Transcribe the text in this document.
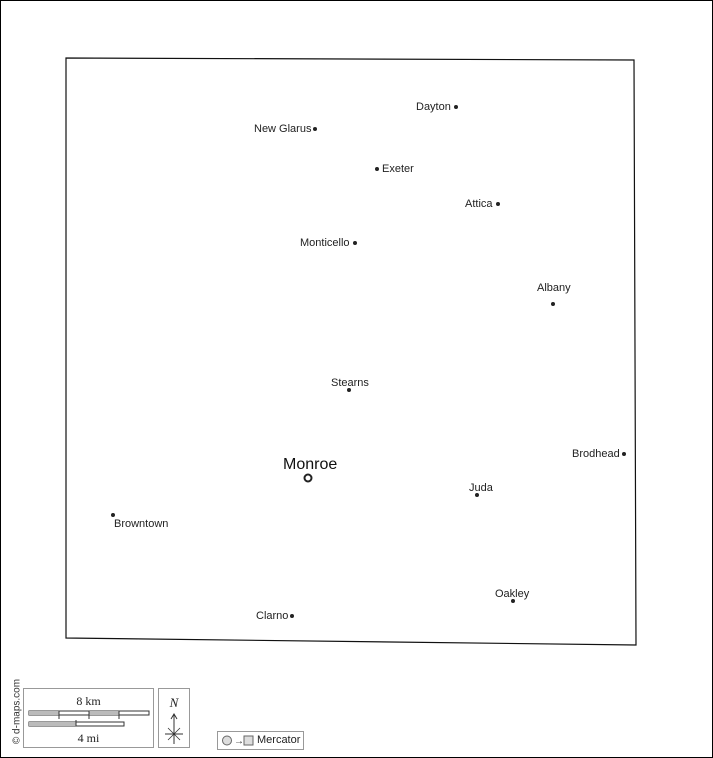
Dayton
New Glarus
Exeter
Attica
Monticello
Albany
Stearns
Monroe
Brodhead
Juda
Browntown
Oakley
Clarno
© d-maps.com	8 km
4 mi
N
→ Mercator
